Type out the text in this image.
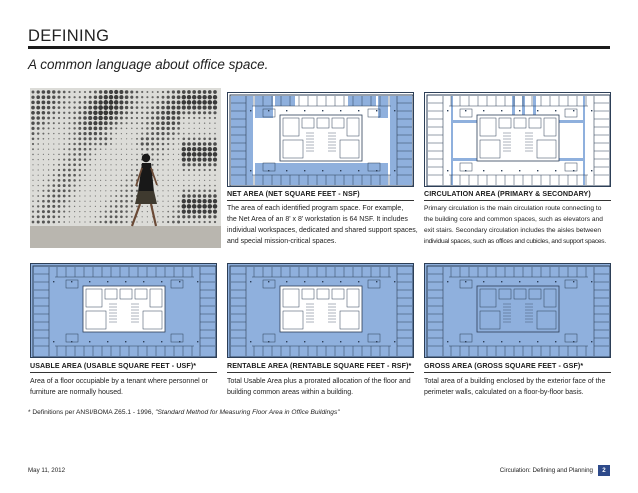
DEFINING
A common language about office space.
NET AREA (NET SQUARE FEET - NSF)
The area of each identified program space. For example,
the Net Area of an 8' x 8' workstation is 64 NSF. It includes
individual workspaces, dedicated and shared support spaces,
and special mission-critical spaces.
CIRCULATION AREA (PRIMARY & SECONDARY)
Primary circulation is the main circulation route connecting to
the building core and common spaces, such as elevators and
exit stairs. Secondary circulation includes the aisles between
individual spaces, such as offices and cubicles, and support spaces.
USABLE AREA (USABLE SQUARE FEET - USF)*
Area of a floor occupiable by a tenant where personnel or
furniture are normally housed.
RENTABLE AREA (RENTABLE SQUARE FEET - RSF)*
Total Usable Area plus a prorated allocation of the floor and
building common areas within a building.
GROSS AREA (GROSS SQUARE FEET - GSF)*
Total area of a building enclosed by the exterior face of the
perimeter walls, calculated on a floor-by-floor basis.
* Definitions per ANSI/BOMA Z65.1 - 1996, "Standard Method for Measuring Floor Area in Office Buildings"
May 11, 2012	Circulation: Defining and Planning	2
